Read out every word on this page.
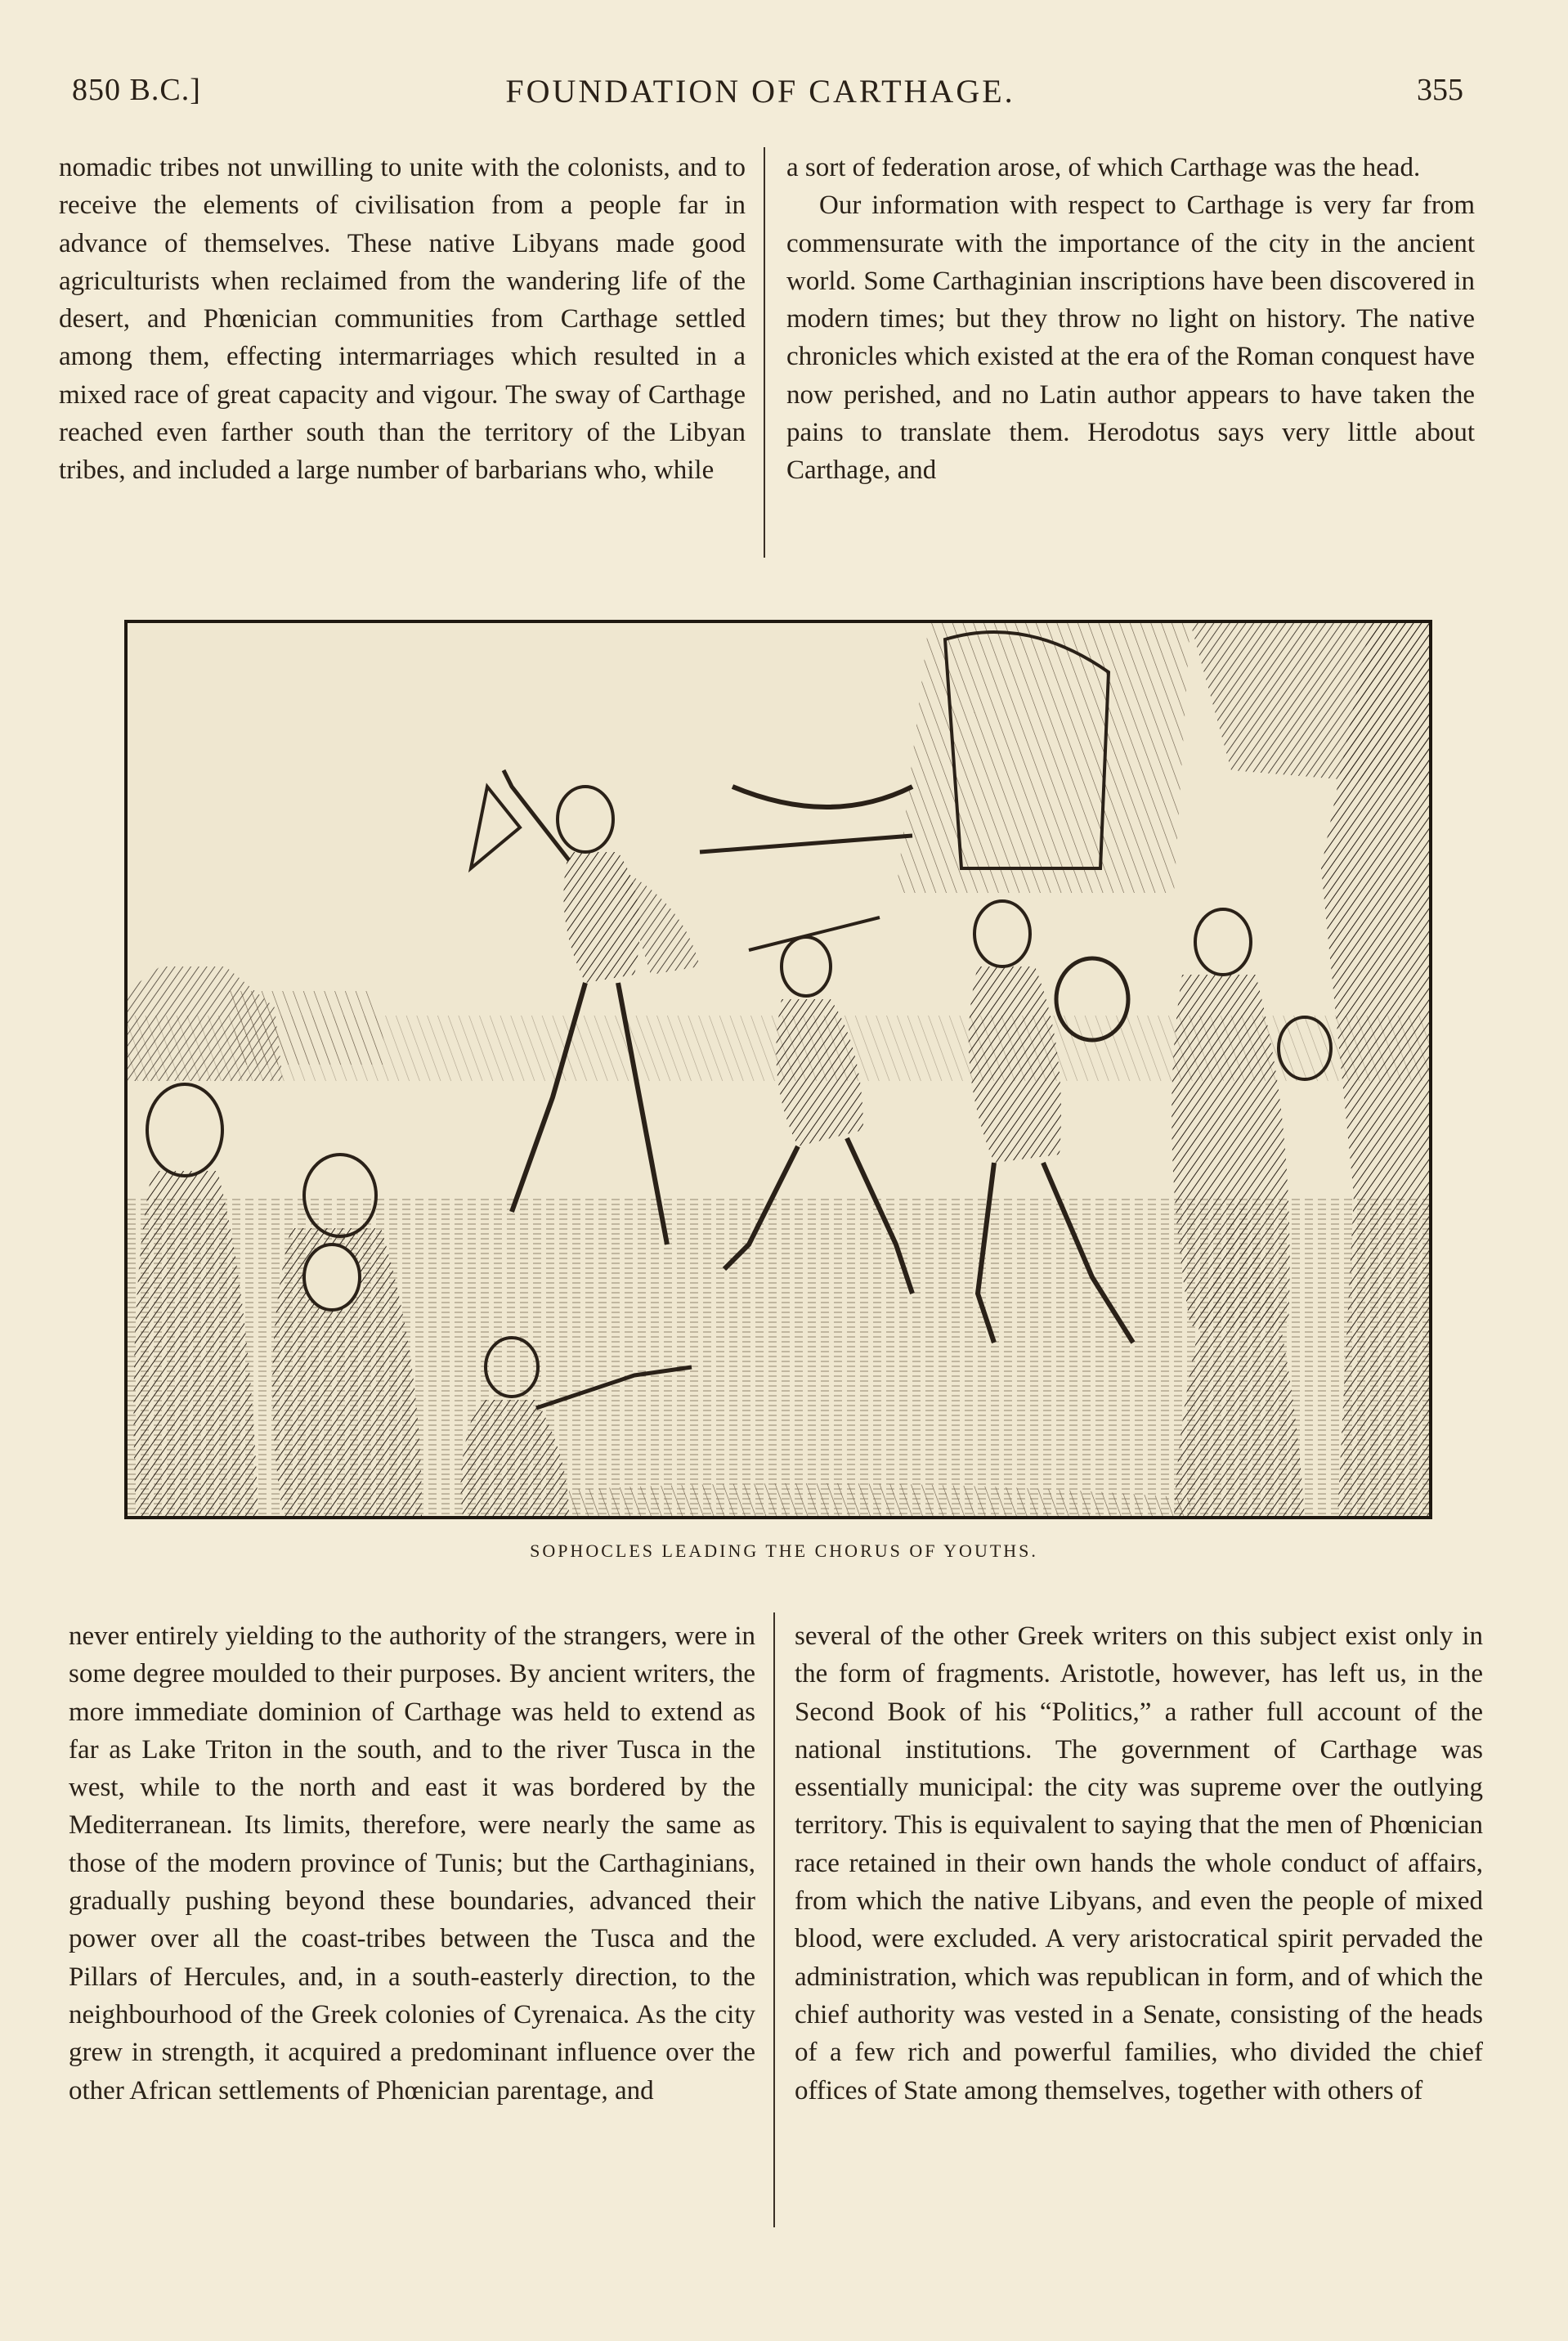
850 B.C.]	FOUNDATION OF CARTHAGE.	355

nomadic tribes not unwilling to unite with the colonists, and to receive the elements of civilisation from a people far in advance of themselves. These native Libyans made good agriculturists when reclaimed from the wandering life of the desert, and Phœnician communities from Carthage settled among them, effecting intermarriages which resulted in a mixed race of great capacity and vigour. The sway of Carthage reached even farther south than the territory of the Libyan tribes, and included a large number of barbarians who, while

a sort of federation arose, of which Carthage was the head.

Our information with respect to Carthage is very far from commensurate with the importance of the city in the ancient world. Some Carthaginian inscriptions have been discovered in modern times; but they throw no light on history. The native chronicles which existed at the era of the Roman conquest have now perished, and no Latin author appears to have taken the pains to translate them. Herodotus says very little about Carthage, and

SOPHOCLES LEADING THE CHORUS OF YOUTHS.

never entirely yielding to the authority of the strangers, were in some degree moulded to their purposes. By ancient writers, the more immediate dominion of Carthage was held to extend as far as Lake Triton in the south, and to the river Tusca in the west, while to the north and east it was bordered by the Mediterranean. Its limits, therefore, were nearly the same as those of the modern province of Tunis; but the Carthaginians, gradually pushing beyond these boundaries, advanced their power over all the coast-tribes between the Tusca and the Pillars of Hercules, and, in a south-easterly direction, to the neighbourhood of the Greek colonies of Cyrenaica. As the city grew in strength, it acquired a predominant influence over the other African settlements of Phœnician parentage, and

several of the other Greek writers on this subject exist only in the form of fragments. Aristotle, however, has left us, in the Second Book of his “Politics,” a rather full account of the national institutions. The government of Carthage was essentially municipal: the city was supreme over the outlying territory. This is equivalent to saying that the men of Phœnician race retained in their own hands the whole conduct of affairs, from which the native Libyans, and even the people of mixed blood, were excluded. A very aristocratical spirit pervaded the administration, which was republican in form, and of which the chief authority was vested in a Senate, consisting of the heads of a few rich and powerful families, who divided the chief offices of State among themselves, together with others of
